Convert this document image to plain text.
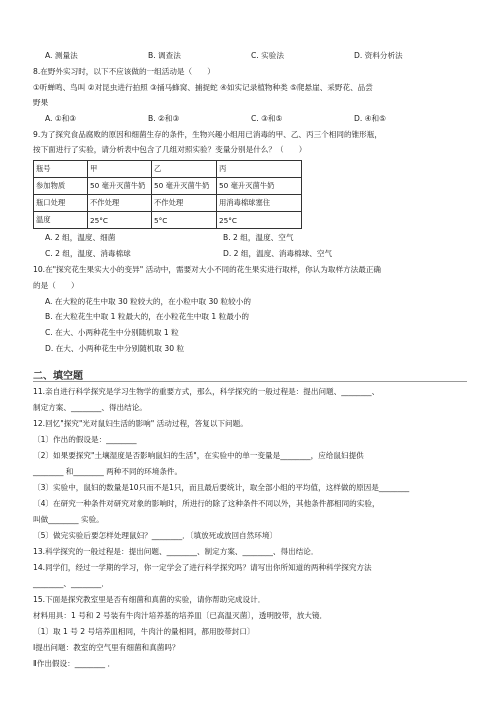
A. 测量法	B. 调查法	C. 实验法	D. 资料分析法
8.在野外实习时，以下不应该做的一组活动是（　　）
①听蝉鸣、鸟叫 ②对昆虫进行拍照 ③捅马蜂窝、捕捉蛇 ④如实记录植物种类 ⑤爬悬崖、采野花、品尝
野果
A. ①和③	B. ②和③	C. ③和⑤	D. ④和⑤
9.为了探究食品腐败的原因和细菌生存的条件，生物兴趣小组用已消毒的甲、乙、丙三个相同的锥形瓶，
按下面进行了实验，请分析表中包含了几组对照实验？变量分别是什么？（　　）
瓶号	甲	乙	丙
参加物质	50 毫升灭菌牛奶	50 毫升灭菌牛奶	50 毫升灭菌牛奶
瓶口处理	不作处理	不作处理	用消毒棉球塞住
温度	25°C	5°C	25°C
A. 2 组，温度、细菌	B. 2 组，温度、空气
C. 2 组，温度、消毒棉球	D. 2 组，温度、消毒棉球、空气
10.在"探究花生果实大小的变异" 活动中，需要对大小不同的花生果实进行取样，你认为取样方法最正确
的是（　　）
A. 在大粒的花生中取 30 粒较大的，在小粒中取 30 粒较小的
B. 在大粒花生中取 1 粒最大的，在小粒花生中取 1 粒最小的
C. 在大、小两种花生中分别随机取 1 粒
D. 在大、小两种花生中分别随机取 30 粒
二、填空题
11.亲自进行科学探究是学习生物学的重要方式，那么，科学探究的一般过程是：提出问题、________、
制定方案、________、得出结论。
12.回忆"探究"光对鼠妇生活的影响" 活动过程，答复以下问题。
〔1〕作出的假设是：________
〔2〕如果要探究"土壤湿度是否影响鼠妇的生活"，在实验中的单一变量是________，应给鼠妇提供
________ 和________ 两种不同的环境条件。
〔3〕实验中，鼠妇的数量是10只而不是1只，而且最后要统计，取全部小组的平均值，这样做的原因是________
〔4〕在研究一种条件对研究对象的影响时，所进行的除了这种条件不同以外，其他条件都相同的实验，
叫做________ 实验。
〔5〕做完实验后要怎样处理鼠妇？________．〔填放死或放回自然环境〕
13.科学探究的一般过程是：提出问题、________、制定方案、________、得出结论．
14.同学们，经过一学期的学习，你一定学会了进行科学探究吗？请写出你所知道的两种科学探究方法
________、________．
15.下面是探究教室里是否有细菌和真菌的实验，请你帮助完成设计．
材料用具：1 号和 2 号装有牛肉汁培养基的培养皿〔已高温灭菌〕，透明胶带，放大镜．
〔1〕取 1 号 2 号培养皿相同，牛肉汁的量相同，都用胶带封口〕
Ⅰ提出问题：教室的空气里有细菌和真菌吗？
Ⅱ作出假设：________ ．
